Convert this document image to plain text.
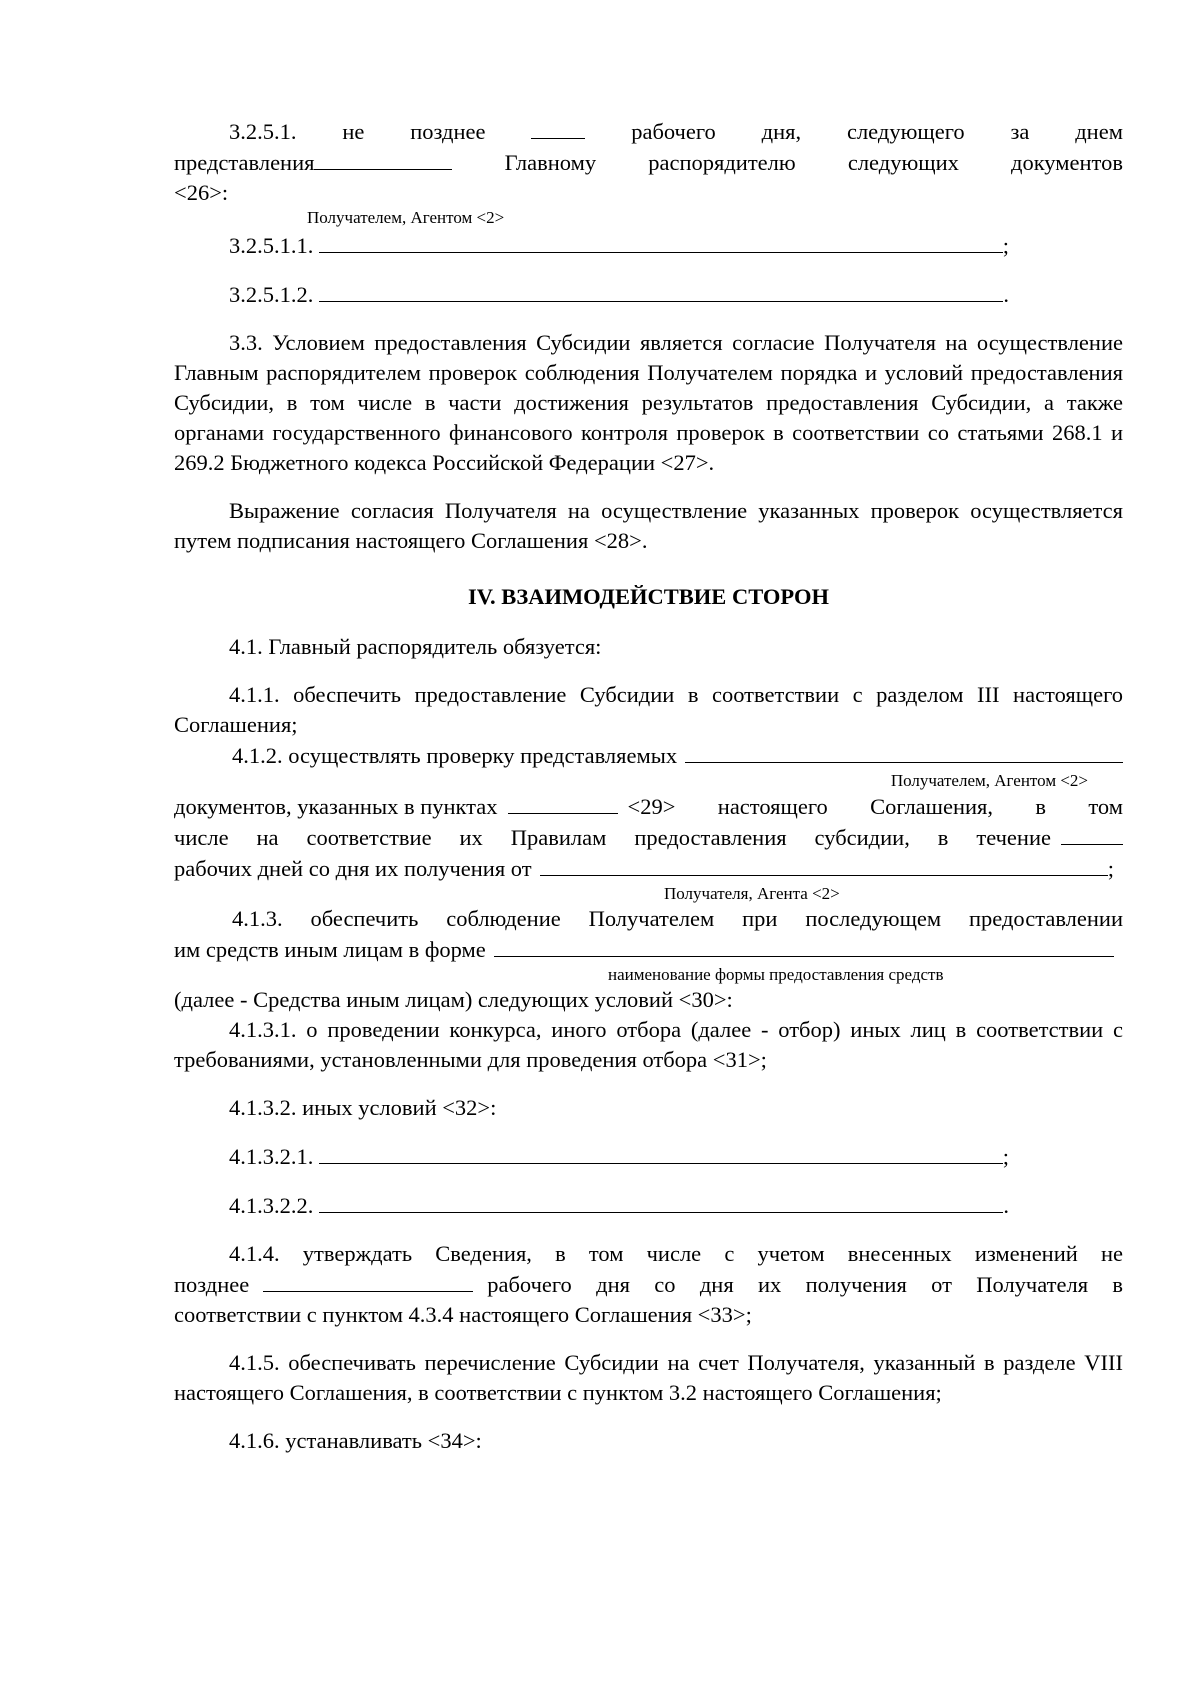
3.2.5.1. не позднее	рабочего дня, следующего за днем
представления	Главному распорядителю следующих документов

<26>:

Получателем, Агентом <2>

3.2.5.1.1.	;
3.2.5.1.2.	.

3.3. Условием предоставления Субсидии является согласие Получателя на осуществление Главным распорядителем проверок соблюдения Получателем порядка и условий предоставления Субсидии, в том числе в части достижения результатов предоставления Субсидии, а также органами государственного финансового контроля проверок в соответствии со статьями 268.1 и 269.2 Бюджетного кодекса Российской Федерации <27>.

Выражение согласия Получателя на осуществление указанных проверок осуществляется путем подписания настоящего Соглашения <28>.

IV. ВЗАИМОДЕЙСТВИЕ СТОРОН

4.1. Главный распорядитель обязуется:

4.1.1. обеспечить предоставление Субсидии в соответствии с разделом III настоящего Соглашения;

4.1.2. осуществлять проверку представляемых

Получателем, Агентом <2>

документов, указанных в пунктах	<29> настоящего Соглашения, в том
числе на соответствие их Правилам предоставления субсидии, в течение
рабочих дней со дня их получения от	;

Получателя, Агента <2>

4.1.3. обеспечить соблюдение Получателем при последующем предоставлении
им средств иным лицам в форме

наименование формы предоставления средств

(далее - Средства иным лицам) следующих условий <30>:

4.1.3.1. о проведении конкурса, иного отбора (далее - отбор) иных лиц в соответствии с требованиями, установленными для проведения отбора <31>;

4.1.3.2. иных условий <32>:

4.1.3.2.1.	;
4.1.3.2.2.	.
4.1.4. утверждать Сведения, в том числе с учетом внесенных изменений не
позднее	рабочего дня со дня их получения от Получателя в

соответствии с пунктом 4.3.4 настоящего Соглашения <33>;

4.1.5. обеспечивать перечисление Субсидии на счет Получателя, указанный в разделе VIII настоящего Соглашения, в соответствии с пунктом 3.2 настоящего Соглашения;

4.1.6. устанавливать <34>:
